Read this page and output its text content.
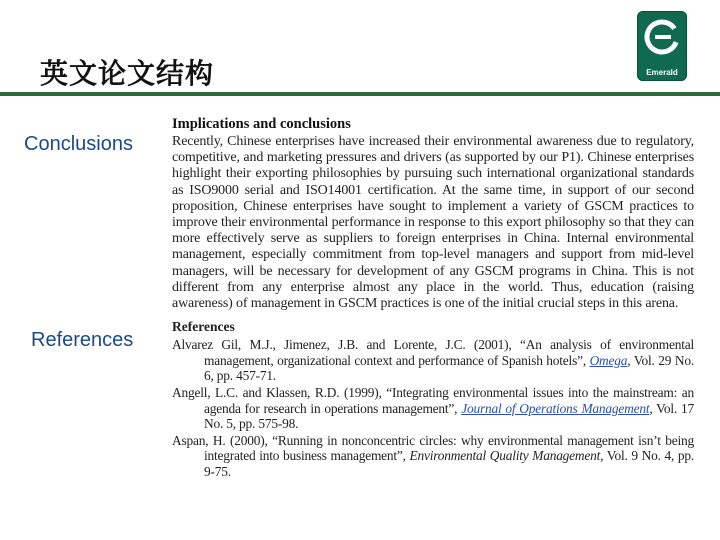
英文论文结构	Emerald
Conclusions
References
Implications and conclusions

Recently, Chinese enterprises have increased their environmental awareness due to regulatory, competitive, and marketing pressures and drivers (as supported by our P1). Chinese enterprises highlight their exporting philosophies by pursuing such international organizational standards as ISO9000 serial and ISO14001 certification. At the same time, in support of our second proposition, Chinese enterprises have sought to implement a variety of GSCM practices to improve their environmental performance in response to this export philosophy so that they can more effectively serve as suppliers to foreign enterprises in China. Internal environmental management, especially commitment from top-level managers and support from mid-level managers, will be necessary for development of any GSCM programs in China. This is not different from any enterprise almost any place in the world. Thus, education (raising awareness) of management in GSCM practices is one of the initial crucial steps in this arena.

References
Alvarez Gil, M.J., Jimenez, J.B. and Lorente, J.C. (2001), “An analysis of environmental management, organizational context and performance of Spanish hotels”, Omega, Vol. 29 No. 6, pp. 457-71.
Angell, L.C. and Klassen, R.D. (1999), “Integrating environmental issues into the mainstream: an agenda for research in operations management”, Journal of Operations Management, Vol. 17 No. 5, pp. 575-98.
Aspan, H. (2000), “Running in nonconcentric circles: why environmental management isn’t being integrated into business management”, Environmental Quality Management, Vol. 9 No. 4, pp. 9-75.
